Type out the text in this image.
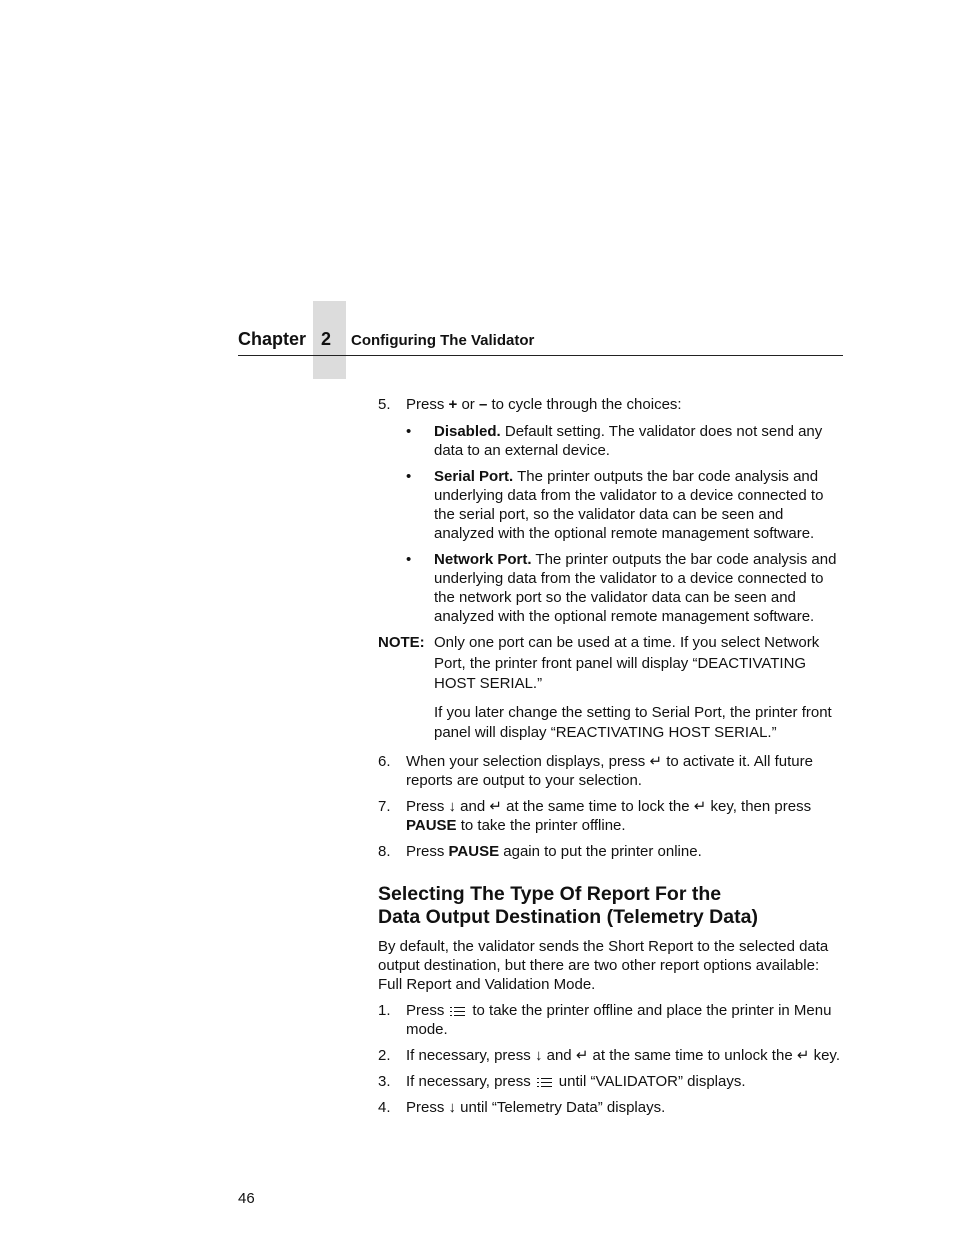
Chapter 2 Configuring The Validator
5. Press + or – to cycle through the choices:
• Disabled. Default setting. The validator does not send any data to an external device.
• Serial Port. The printer outputs the bar code analysis and underlying data from the validator to a device connected to the serial port, so the validator data can be seen and analyzed with the optional remote management software.
• Network Port. The printer outputs the bar code analysis and underlying data from the validator to a device connected to the network port so the validator data can be seen and analyzed with the optional remote management software.
NOTE: Only one port can be used at a time. If you select Network Port, the printer front panel will display “DEACTIVATING HOST SERIAL.”

If you later change the setting to Serial Port, the printer front panel will display “REACTIVATING HOST SERIAL.”

6. When your selection displays, press ↵ to activate it. All future reports are output to your selection.
7. Press ↓ and ↵ at the same time to lock the ↵ key, then press PAUSE to take the printer offline.
8. Press PAUSE again to put the printer online.
Selecting The Type Of Report For the
Data Output Destination (Telemetry Data)

By default, the validator sends the Short Report to the selected data output destination, but there are two other report options available: Full Report and Validation Mode.

1. Press to take the printer offline and place the printer in Menu mode.
2. If necessary, press ↓ and ↵ at the same time to unlock the ↵ key.
3. If necessary, press until “VALIDATOR” displays.
4. Press ↓ until “Telemetry Data” displays.
46
